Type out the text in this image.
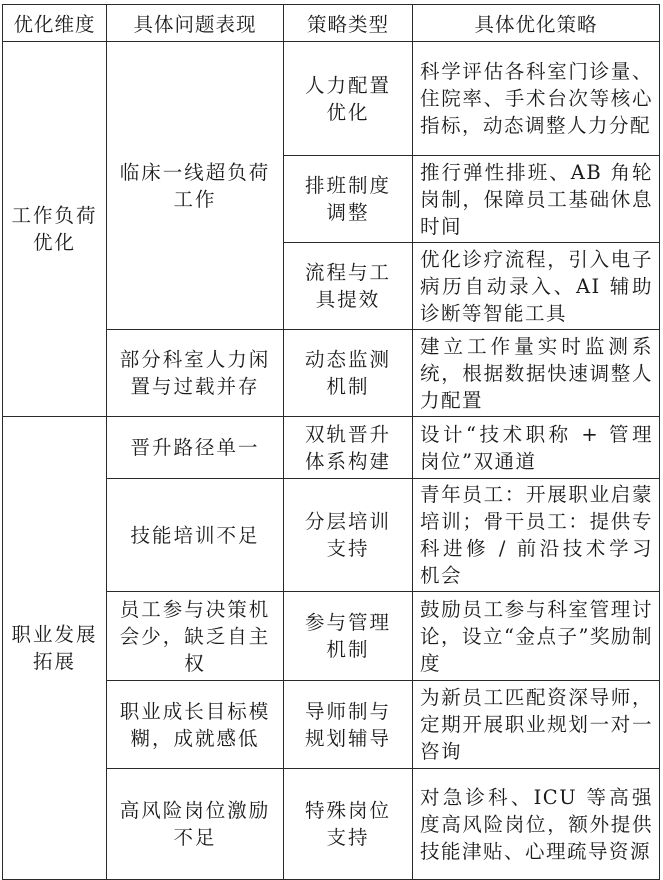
优化维度	具体问题表现	策略类型	具体优化策略
工作负荷优化	临床一线超负荷工作	人力配置优化	科学评估各科室门诊量、住院率、手术台次等核心指标，动态调整人力分配
		排班制度调整	推行弹性排班、AB 角轮岗制，保障员工基础休息时间
		流程与工具提效	优化诊疗流程，引入电子病历自动录入、AI 辅助诊断等智能工具
	部分科室人力闲置与过载并存	动态监测机制	建立工作量实时监测系统，根据数据快速调整人力配置
职业发展拓展	晋升路径单一	双轨晋升体系构建	设计“技术职称 + 管理岗位”双通道
	技能培训不足	分层培训支持	青年员工：开展职业启蒙培训；骨干员工：提供专科进修 / 前沿技术学习机会
	员工参与决策机会少，缺乏自主权	参与管理机制	鼓励员工参与科室管理讨论，设立“金点子”奖励制度
	职业成长目标模糊，成就感低	导师制与规划辅导	为新员工匹配资深导师，定期开展职业规划一对一咨询
	高风险岗位激励不足	特殊岗位支持	对急诊科、ICU 等高强度高风险岗位，额外提供技能津贴、心理疏导资源
